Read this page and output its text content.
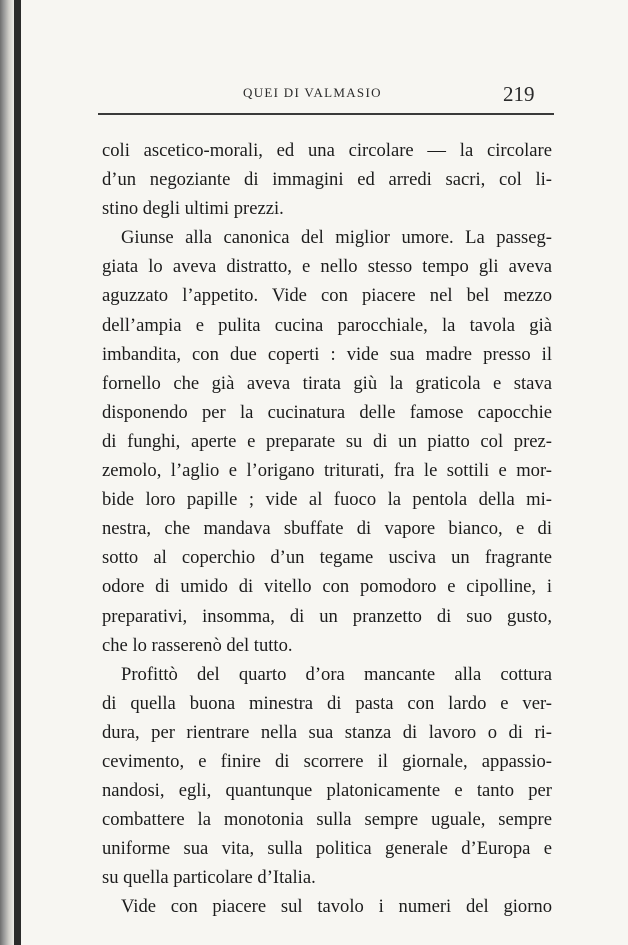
QUEI DI VALMASIO	219
coli ascetico-morali, ed una circolare — la circolare
d’un negoziante di immagini ed arredi sacri, col li-
stino degli ultimi prezzi.
Giunse alla canonica del miglior umore. La passeg-
giata lo aveva distratto, e nello stesso tempo gli aveva
aguzzato l’appetito. Vide con piacere nel bel mezzo
dell’ampia e pulita cucina parocchiale, la tavola già
imbandita, con due coperti : vide sua madre presso il
fornello che già aveva tirata giù la graticola e stava
disponendo per la cucinatura delle famose capocchie
di funghi, aperte e preparate su di un piatto col prez-
zemolo, l’aglio e l’origano triturati, fra le sottili e mor-
bide loro papille ; vide al fuoco la pentola della mi-
nestra, che mandava sbuffate di vapore bianco, e di
sotto al coperchio d’un tegame usciva un fragrante
odore di umido di vitello con pomodoro e cipolline, i
preparativi, insomma, di un pranzetto di suo gusto,
che lo rasserenò del tutto.
Profittò del quarto d’ora mancante alla cottura
di quella buona minestra di pasta con lardo e ver-
dura, per rientrare nella sua stanza di lavoro o di ri-
cevimento, e finire di scorrere il giornale, appassio-
nandosi, egli, quantunque platonicamente e tanto per
combattere la monotonia sulla sempre uguale, sempre
uniforme sua vita, sulla politica generale d’Europa e
su quella particolare d’Italia.
Vide con piacere sul tavolo i numeri del giorno
